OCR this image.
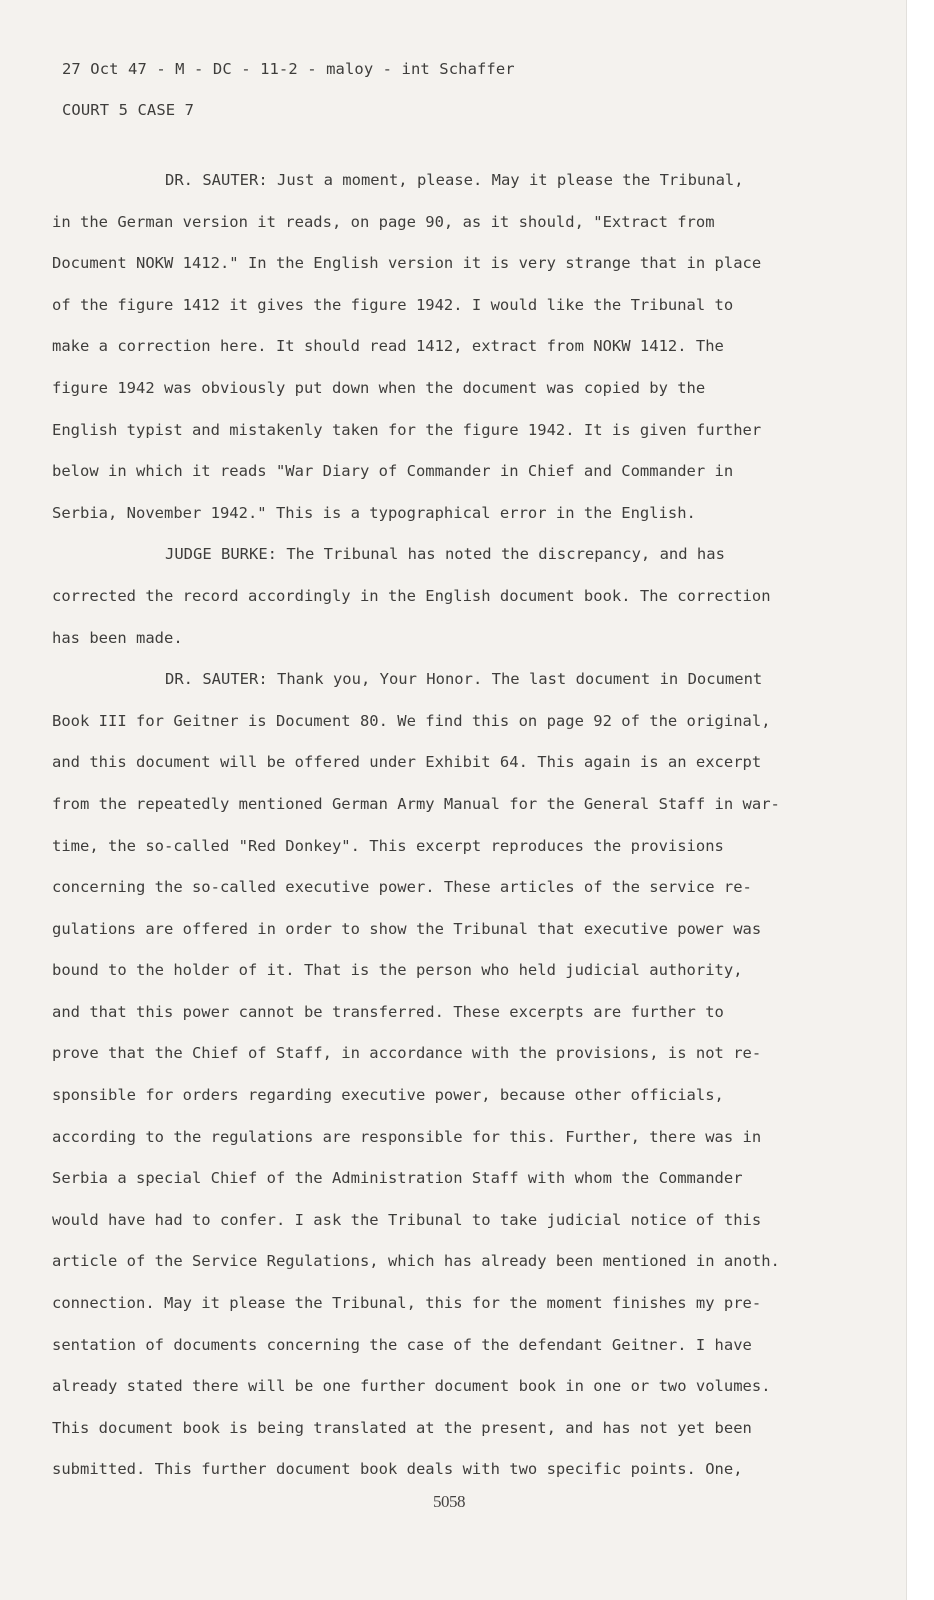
27 Oct 47 - M - DC - 11-2 - maloy - int Schaffer
COURT 5 CASE 7
DR. SAUTER: Just a moment, please. May it please the Tribunal,
in the German version it reads, on page 90, as it should, "Extract from
Document NOKW 1412." In the English version it is very strange that in place
of the figure 1412 it gives the figure 1942. I would like the Tribunal to
make a correction here. It should read 1412, extract from NOKW 1412. The
figure 1942 was obviously put down when the document was copied by the
English typist and mistakenly taken for the figure 1942. It is given further
below in which it reads "War Diary of Commander in Chief and Commander in
Serbia, November 1942." This is a typographical error in the English.
JUDGE BURKE: The Tribunal has noted the discrepancy, and has
corrected the record accordingly in the English document book. The correction
has been made.
DR. SAUTER: Thank you, Your Honor. The last document in Document
Book III for Geitner is Document 80. We find this on page 92 of the original,
and this document will be offered under Exhibit 64. This again is an excerpt
from the repeatedly mentioned German Army Manual for the General Staff in war-
time, the so-called "Red Donkey". This excerpt reproduces the provisions
concerning the so-called executive power. These articles of the service re-
gulations are offered in order to show the Tribunal that executive power was
bound to the holder of it. That is the person who held judicial authority,
and that this power cannot be transferred. These excerpts are further to
prove that the Chief of Staff, in accordance with the provisions, is not re-
sponsible for orders regarding executive power, because other officials,
according to the regulations are responsible for this. Further, there was in
Serbia a special Chief of the Administration Staff with whom the Commander
would have had to confer. I ask the Tribunal to take judicial notice of this
article of the Service Regulations, which has already been mentioned in anoth.
connection. May it please the Tribunal, this for the moment finishes my pre-
sentation of documents concerning the case of the defendant Geitner. I have
already stated there will be one further document book in one or two volumes.
This document book is being translated at the present, and has not yet been
submitted. This further document book deals with two specific points. One,
5058
